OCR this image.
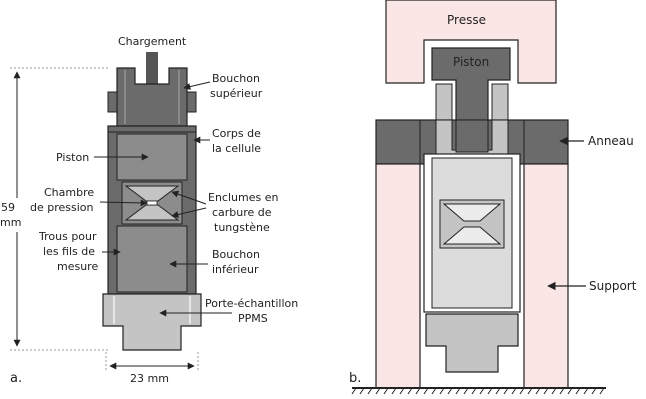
59
mm
Chargement
23 mm
Bouchon
supérieur
Corps de
la cellule
Piston
Chambre
de pression
Enclumes en
carbure de
tungstène
Trous pour
les fils de
mesure
Bouchon
inférieur
Porte-échantillon
PPMS
a.
Presse
Piston
Anneau
Support
b.
